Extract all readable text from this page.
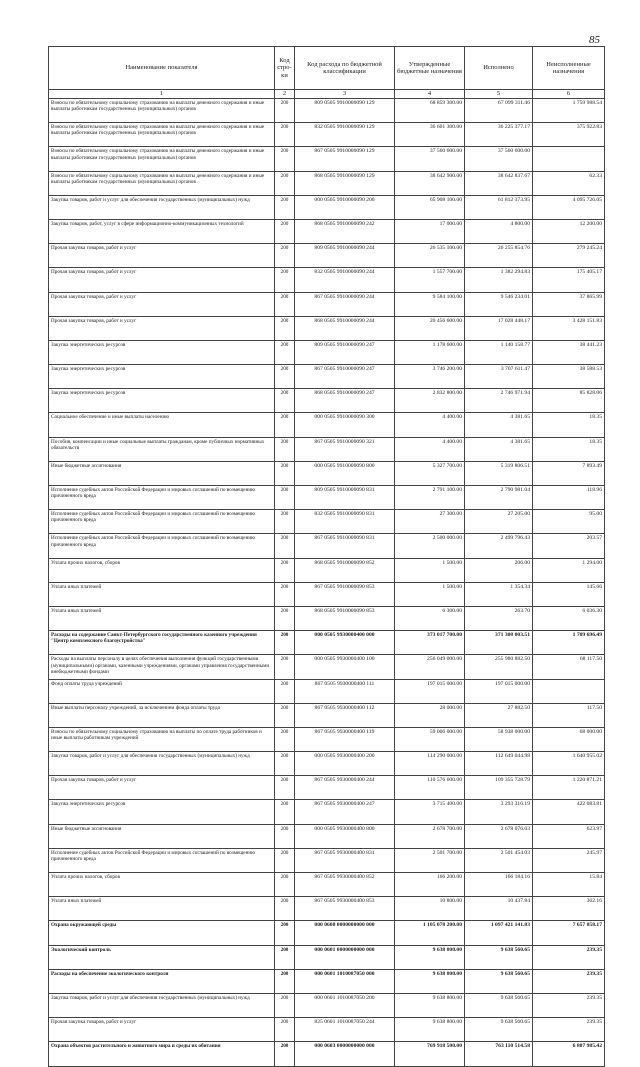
85
Наименование показателя	Код стро-ки	Код расхода по бюджетной классификации	Утвержденные бюджетные назначения	Исполнено	Неисполненные назначения
1	2	3	4	5	6
Взносы по обязательному социальному страхованию на выплаты денежного содержания и иные выплаты работникам государственных (муниципальных) органов	200	809 0505 9910000090 129	68 859 300.00	67 099 311.46	1 759 988.54
Взносы по обязательному социальному страхованию на выплаты денежного содержания и иные выплаты работникам государственных (муниципальных) органов	200	832 0505 9910000090 129	36 601 300.00	36 225 377.17	375 922.83
Взносы по обязательному социальному страхованию на выплаты денежного содержания и иные выплаты работникам государственных (муниципальных) органов	200	867 0505 9910000090 129	37 560 600.00	37 560 600.00	
Взносы по обязательному социальному страхованию на выплаты денежного содержания и иные выплаты работникам государственных (муниципальных) органов	200	868 0505 9910000090 129	38 642 900.00	38 642 837.67	62.33
Закупка товаров, работ и услуг для обеспечения государственных (муниципальных) нужд	200	000 0505 9910000090 200	65 908 100.00	61 812 373.95	4 095 726.05
Закупка товаров, работ, услуг в сфере информационно-коммуникационных технологий	200	868 0505 9910000090 242	17 000.00	4 800.00	12 200.00
Прочая закупка товаров, работ и услуг	200	809 0505 9910000090 244	26 535 100.00	26 255 854.76	279 245.24
Прочая закупка товаров, работ и услуг	200	832 0505 9910000090 244	1 557 700.00	1 382 294.83	175 405.17
Прочая закупка товаров, работ и услуг	200	867 0505 9910000090 244	9 584 100.00	9 546 234.01	37 865.99
Прочая закупка товаров, работ и услуг	200	868 0505 9910000090 244	20 456 600.00	17 028 448.17	3 428 151.83
Закупка энергетических ресурсов	200	809 0505 9910000090 247	1 178 600.00	1 140 158.77	38 441.23
Закупка энергетических ресурсов	200	867 0505 9910000090 247	3 746 200.00	3 707 611.47	38 588.53
Закупка энергетических ресурсов	200	868 0505 9910000090 247	2 832 800.00	2 746 971.94	85 828.06
Социальное обеспечение и иные выплаты населению	200	000 0505 9910000090 300	4 400.00	4 381.65	18.35
Пособия, компенсации и иные социальные выплаты гражданам, кроме публичных нормативных обязательств	200	867 0505 9910000090 321	4 400.00	4 381.65	18.35
Иные бюджетные ассигнования	200	000 0505 9910000090 800	5 327 700.00	5 319 806.51	7 893.49
Исполнение судебных актов Российской Федерации и мировых соглашений по возмещению причиненного вреда	200	809 0505 9910000090 831	2 791 100.00	2 790 981.04	118.96
Исполнение судебных актов Российской Федерации и мировых соглашений по возмещению причиненного вреда	200	832 0505 9910000090 831	27 300.00	27 205.00	95.00
Исполнение судебных актов Российской Федерации и мировых соглашений по возмещению причиненного вреда	200	867 0505 9910000090 831	2 500 000.00	2 499 796.43	203.57
Уплата прочих налогов, сборов	200	868 0505 9910000090 852	1 500.00	206.00	1 294.00
Уплата иных платежей	200	867 0505 9910000090 853	1 500.00	1 354.34	145.66
Уплата иных платежей	200	868 0505 9910000090 853	6 300.00	263.70	6 036.30
Расходы на содержание Санкт-Петербургского государственного казенного учреждения "Центр комплексного благоустройства"	200	000 0505 9930000400 000	373 017 700.00	371 308 003.51	1 709 696.49
Расходы на выплаты персоналу в целях обеспечения выполнения функций государственными (муниципальными) органами, казенными учреждениями, органами управления государственными внебюджетными фондами	200	000 0505 9930000400 100	256 049 000.00	255 980 882.50	68 117.50
Фонд оплаты труда учреждений	200	867 0505 9930000400 111	197 015 000.00	197 015 000.00	
Иные выплаты персоналу учреждений, за исключением фонда оплаты труда	200	867 0505 9930000400 112	28 000.00	27 882.50	117.50
Взносы по обязательному социальному страхованию на выплаты по оплате труда работников и иные выплаты работникам учреждений	200	867 0505 9930000400 119	59 006 000.00	58 938 000.00	68 000.00
Закупка товаров, работ и услуг для обеспечения государственных (муниципальных) нужд	200	000 0505 9930000400 200	114 290 000.00	112 649 044.98	1 640 955.02
Прочая закупка товаров, работ и услуг	200	867 0505 9930000400 244	110 576 600.00	109 355 728.79	1 220 871.21
Закупка энергетических ресурсов	200	867 0505 9930000400 247	3 715 400.00	3 293 316.19	422 083.81
Иные бюджетные ассигнования	200	000 0505 9930000400 800	2 678 700.00	2 678 076.03	623.97
Исполнение судебных актов Российской Федерации и мировых соглашений по возмещению причиненного вреда	200	867 0505 9930000400 831	2 501 700.00	2 501 454.03	245.97
Уплата прочих налогов, сборов	200	867 0505 9930000400 852	166 200.00	166 184.16	15.84
Уплата иных платежей	200	867 0505 9930000400 853	10 800.00	10 437.84	362.16
Охрана окружающей среды	200	000 0600 0000000000 000	1 105 078 200.00	1 097 421 141.83	7 657 058.17
Экологический контроль	200	000 0601 0000000000 000	9 638 800.00	9 638 560.65	239.35
Расходы на обеспечение экологического контроля	200	000 0601 1010087050 000	9 638 800.00	9 638 560.65	239.35
Закупка товаров, работ и услуг для обеспечения государственных (муниципальных) нужд	200	000 0601 1010087050 200	9 638 800.00	9 638 560.65	239.35
Прочая закупка товаров, работ и услуг	200	825 0601 1010087050 244	9 638 800.00	9 638 560.65	239.35
Охрана объектов растительного и животного мира и среды их обитания	200	000 0603 0000000000 000	769 918 500.00	763 110 514.58	6 807 985.42
